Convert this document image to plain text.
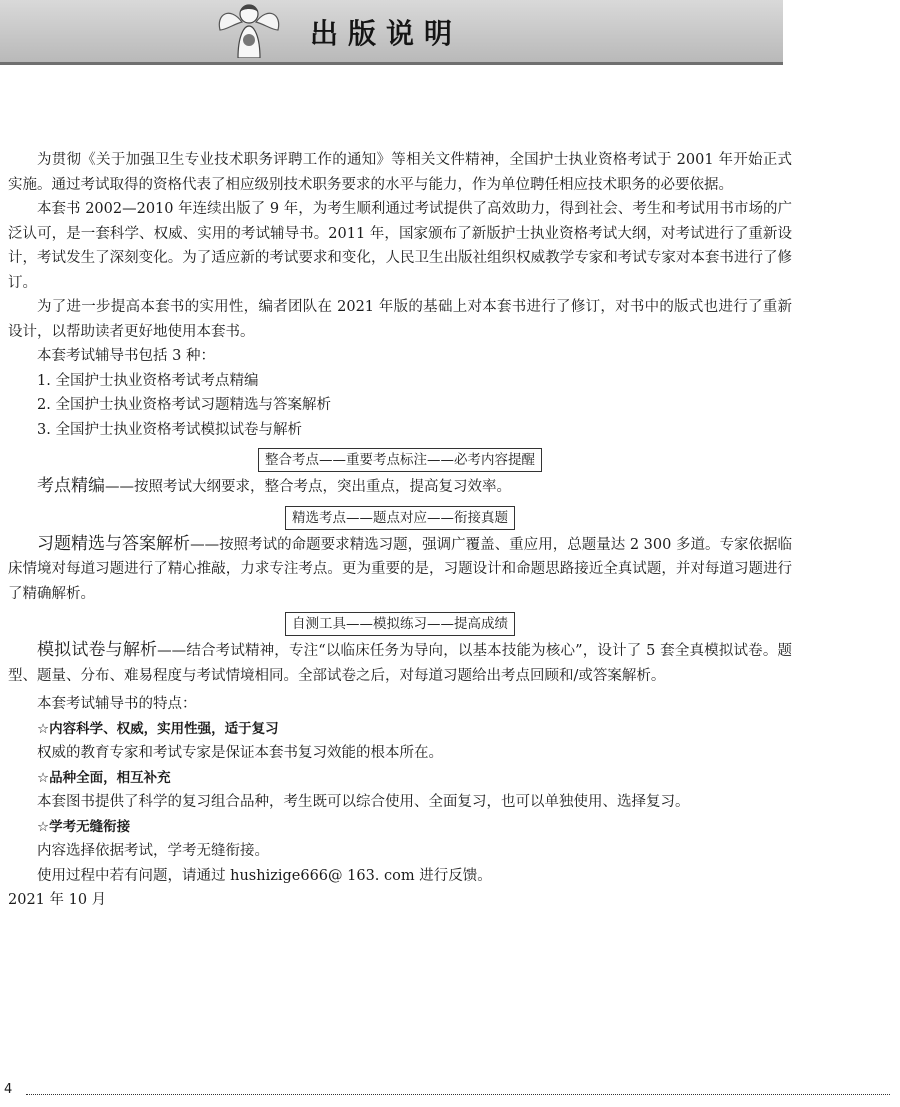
出版说明

为贯彻《关于加强卫生专业技术职务评聘工作的通知》等相关文件精神，全国护士执业资格考试于 2001 年开始正式实施。通过考试取得的资格代表了相应级别技术职务要求的水平与能力，作为单位聘任相应技术职务的必要依据。

本套书 2002—2010 年连续出版了 9 年，为考生顺利通过考试提供了高效助力，得到社会、考生和考试用书市场的广泛认可，是一套科学、权威、实用的考试辅导书。2011 年，国家颁布了新版护士执业资格考试大纲，对考试进行了重新设计，考试发生了深刻变化。为了适应新的考试要求和变化，人民卫生出版社组织权威教学专家和考试专家对本套书进行了修订。

为了进一步提高本套书的实用性，编者团队在 2021 年版的基础上对本套书进行了修订，对书中的版式也进行了重新设计，以帮助读者更好地使用本套书。

本套考试辅导书包括 3 种：

1. 全国护士执业资格考试考点精编

2. 全国护士执业资格考试习题精选与答案解析

3. 全国护士执业资格考试模拟试卷与解析

整合考点——重要考点标注——必考内容提醒

考点精编——按照考试大纲要求，整合考点，突出重点，提高复习效率。

精选考点——题点对应——衔接真题

习题精选与答案解析——按照考试的命题要求精选习题，强调广覆盖、重应用，总题量达 2 300 多道。专家依据临床情境对每道习题进行了精心推敲，力求专注考点。更为重要的是，习题设计和命题思路接近全真试题，并对每道习题进行了精确解析。

自测工具——模拟练习——提高成绩

模拟试卷与解析——结合考试精神，专注“以临床任务为导向，以基本技能为核心”，设计了 5 套全真模拟试卷。题型、题量、分布、难易程度与考试情境相同。全部试卷之后，对每道习题给出考点回顾和/或答案解析。

本套考试辅导书的特点：

☆内容科学、权威，实用性强，适于复习

权威的教育专家和考试专家是保证本套书复习效能的根本所在。

☆品种全面，相互补充

本套图书提供了科学的复习组合品种，考生既可以综合使用、全面复习，也可以单独使用、选择复习。

☆学考无缝衔接

内容选择依据考试，学考无缝衔接。

使用过程中若有问题，请通过 hushizige666@ 163. com 进行反馈。

2021 年 10 月

4
